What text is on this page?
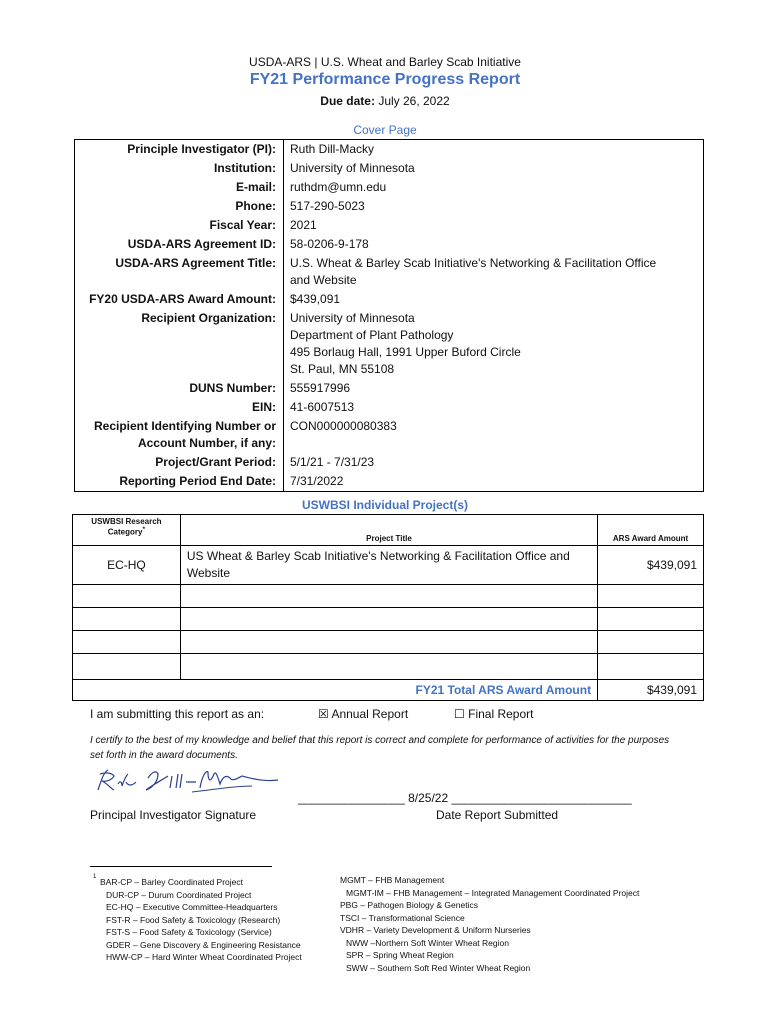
USDA-ARS | U.S. Wheat and Barley Scab Initiative
FY21 Performance Progress Report
Due date: July 26, 2022
Cover Page
Principle Investigator (PI):	Ruth Dill-Macky

Institution:	University of Minnesota

E-mail:	ruthdm@umn.edu

Phone:	517-290-5023

Fiscal Year:	2021

USDA-ARS Agreement ID:	58-0206-9-178

USDA-ARS Agreement Title:	U.S. Wheat & Barley Scab Initiative's Networking & Facilitation Office
and Website

FY20 USDA-ARS Award Amount:	$439,091

Recipient Organization:	University of Minnesota
Department of Plant Pathology
495 Borlaug Hall, 1991 Upper Buford Circle
St. Paul, MN 55108

DUNS Number:	555917996

EIN:	41-6007513

Recipient Identifying Number or
Account Number, if any:	CON000000080383

Project/Grant Period:	5/1/21 - 7/31/23

Reporting Period End Date:	7/31/2022
USWBSI Individual Project(s)
USWBSI Research Category*	Project Title	ARS Award Amount
EC-HQ	US Wheat & Barley Scab Initiative's Networking & Facilitation Office and Website	$439,091

FY21 Total ARS Award Amount		$439,091
I am submitting this report as an:	☒ Annual Report	☐ Final Report
I certify to the best of my knowledge and belief that this report is correct and complete for performance of activities for the purposes set forth in the award documents.
________________ 8/25/22 ___________________________
Principal Investigator Signature	Date Report Submitted
1 BAR-CP – Barley Coordinated Project
DUR-CP – Durum Coordinated Project
EC-HQ – Executive Committee-Headquarters
FST-R – Food Safety & Toxicology (Research)
FST-S – Food Safety & Toxicology (Service)
GDER – Gene Discovery & Engineering Resistance
HWW-CP – Hard Winter Wheat Coordinated Project
MGMT – FHB Management
MGMT-IM – FHB Management – Integrated Management Coordinated Project
PBG – Pathogen Biology & Genetics
TSCI – Transformational Science
VDHR – Variety Development & Uniform Nurseries
NWW –Northern Soft Winter Wheat Region
SPR – Spring Wheat Region
SWW – Southern Soft Red Winter Wheat Region
